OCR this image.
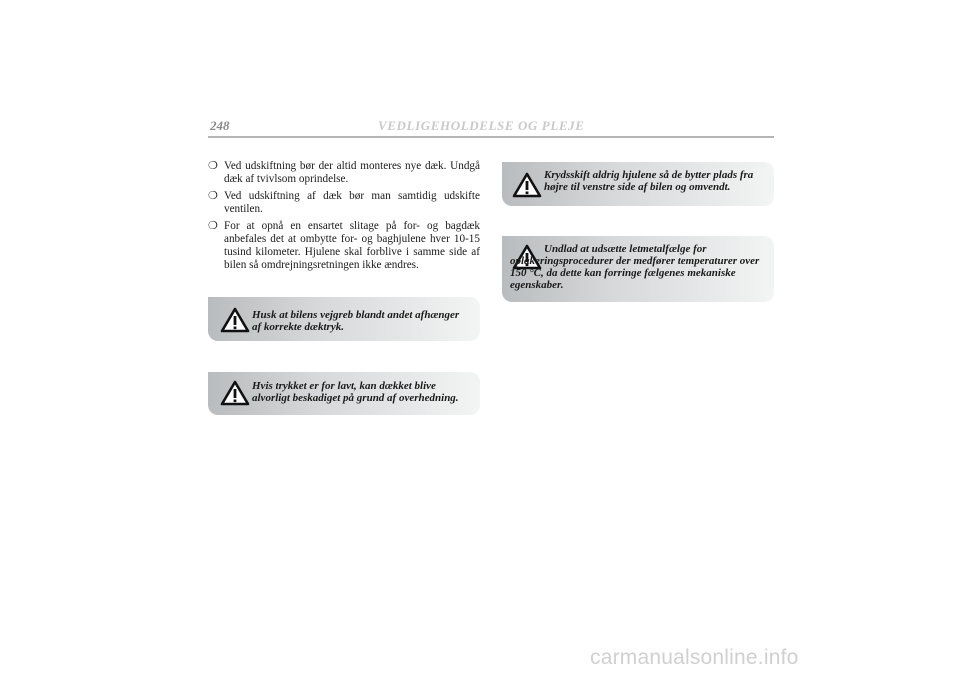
248	VEDLIGEHOLDELSE OG PLEJE
❍ Ved udskiftning bør der altid monteres nye dæk. Undgå dæk af tvivlsom oprindelse.
❍ Ved udskiftning af dæk bør man samtidig udskifte ventilen.
❍ For at opnå en ensartet slitage på for- og bagdæk anbefales det at ombytte for- og baghjulene hver 10-15 tusind kilometer. Hjulene skal forblive i samme side af bilen så omdrejningsretningen ikke ændres.
Husk at bilens vejgreb blandt andet afhænger af korrekte dæktryk.
Hvis trykket er for lavt, kan dækket blive alvorligt beskadiget på grund af overhedning.
Krydsskift aldrig hjulene så de bytter plads fra højre til venstre side af bilen og omvendt.
Undlad at udsætte letmetalfælge for oplakeringsprocedurer der medfører temperaturer over 150 °C, da dette kan forringe fælgenes mekaniske egenskaber.
carmanualsonline.info
